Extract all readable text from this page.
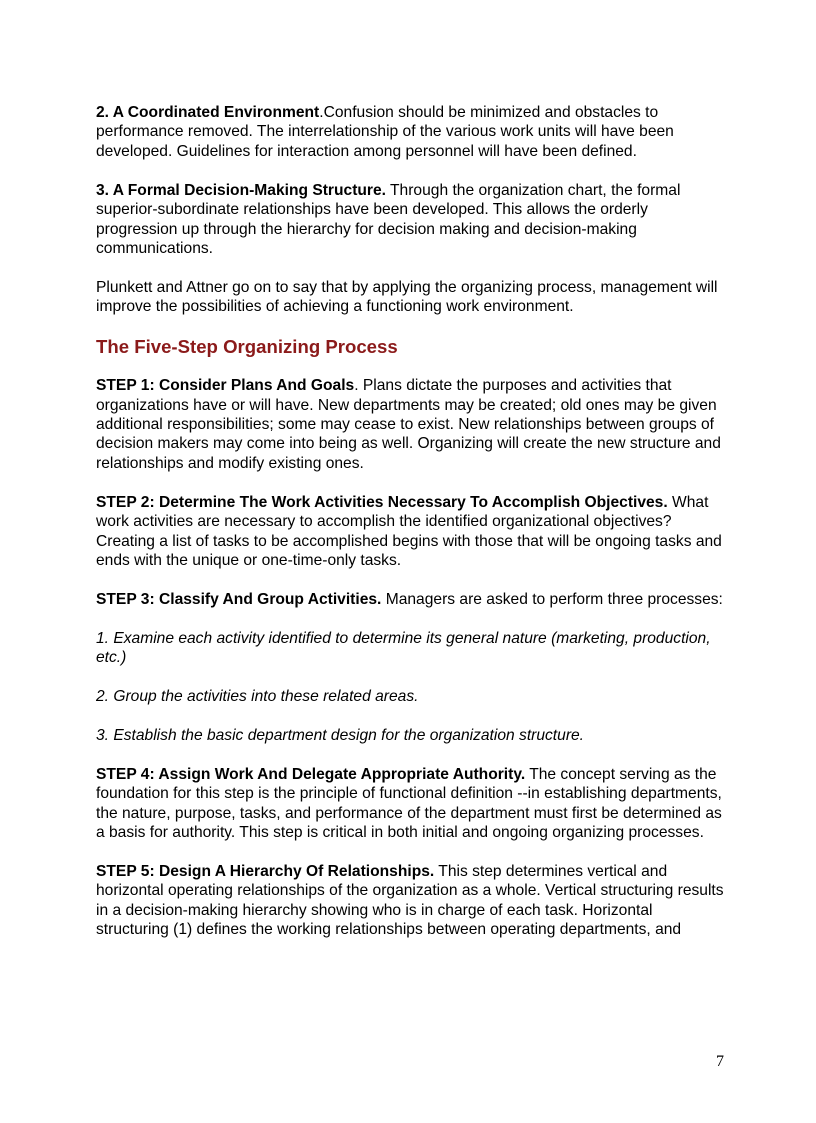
2. A Coordinated Environment.Confusion should be minimized and obstacles to performance removed. The interrelationship of the various work units will have been developed. Guidelines for interaction among personnel will have been defined.

3. A Formal Decision-Making Structure. Through the organization chart, the formal superior-subordinate relationships have been developed. This allows the orderly progression up through the hierarchy for decision making and decision-making communications.

Plunkett and Attner go on to say that by applying the organizing process, management will improve the possibilities of achieving a functioning work environment.

The Five-Step Organizing Process

STEP 1: Consider Plans And Goals. Plans dictate the purposes and activities that organizations have or will have. New departments may be created; old ones may be given additional responsibilities; some may cease to exist. New relationships between groups of decision makers may come into being as well. Organizing will create the new structure and relationships and modify existing ones.

STEP 2: Determine The Work Activities Necessary To Accomplish Objectives. What work activities are necessary to accomplish the identified organizational objectives? Creating a list of tasks to be accomplished begins with those that will be ongoing tasks and ends with the unique or one-time-only tasks.

STEP 3: Classify And Group Activities. Managers are asked to perform three processes:

1. Examine each activity identified to determine its general nature (marketing, production, etc.)

2. Group the activities into these related areas.

3. Establish the basic department design for the organization structure.

STEP 4: Assign Work And Delegate Appropriate Authority. The concept serving as the foundation for this step is the principle of functional definition --in establishing departments, the nature, purpose, tasks, and performance of the department must first be determined as a basis for authority. This step is critical in both initial and ongoing organizing processes.

STEP 5: Design A Hierarchy Of Relationships. This step determines vertical and horizontal operating relationships of the organization as a whole. Vertical structuring results in a decision-making hierarchy showing who is in charge of each task. Horizontal structuring (1) defines the working relationships between operating departments, and

7
